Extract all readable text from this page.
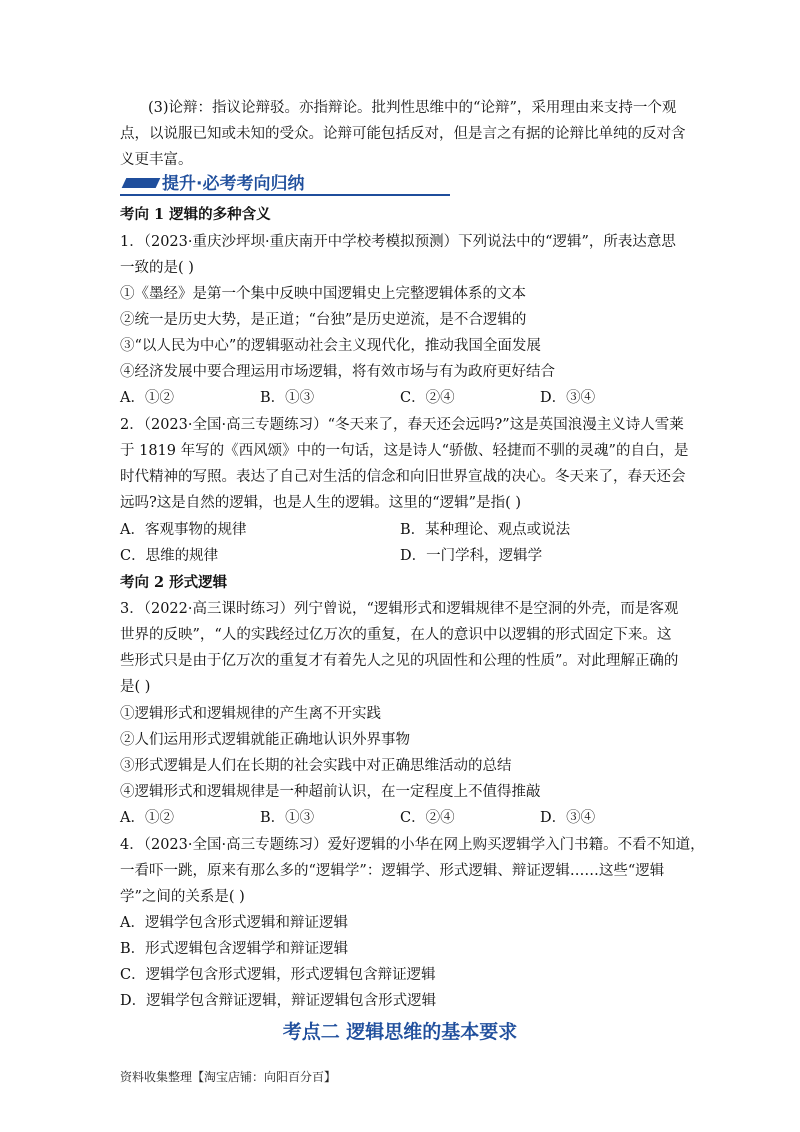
(3)论辩：指议论辩驳。亦指辩论。批判性思维中的“论辩”，采用理由来支持一个观
点，以说服已知或未知的受众。论辩可能包括反对，但是言之有据的论辩比单纯的反对含
义更丰富。
提升·必考考向归纳
考向 1 逻辑的多种含义
1．（2023·重庆沙坪坝·重庆南开中学校考模拟预测）下列说法中的“逻辑”，所表达意思
一致的是( )
①《墨经》是第一个集中反映中国逻辑史上完整逻辑体系的文本
②统一是历史大势，是正道；“台独”是历史逆流，是不合逻辑的
③“以人民为中心”的逻辑驱动社会主义现代化，推动我国全面发展
④经济发展中要合理运用市场逻辑，将有效市场与有为政府更好结合
A．①②	B．①③	C．②④	D．③④
2．（2023·全国·高三专题练习）“冬天来了，春天还会远吗?”这是英国浪漫主义诗人雪莱
于 1819 年写的《西风颂》中的一句话，这是诗人“骄傲、轻捷而不驯的灵魂”的自白，是
时代精神的写照。表达了自己对生活的信念和向旧世界宣战的决心。冬天来了，春天还会
远吗?这是自然的逻辑，也是人生的逻辑。这里的“逻辑”是指( )
A．客观事物的规律	B．某种理论、观点或说法
C．思维的规律	D．一门学科，逻辑学
考向 2 形式逻辑
3．（2022·高三课时练习）列宁曾说，“逻辑形式和逻辑规律不是空洞的外壳，而是客观
世界的反映”，“人的实践经过亿万次的重复，在人的意识中以逻辑的形式固定下来。这
些形式只是由于亿万次的重复才有着先人之见的巩固性和公理的性质”。对此理解正确的
是( )
①逻辑形式和逻辑规律的产生离不开实践
②人们运用形式逻辑就能正确地认识外界事物
③形式逻辑是人们在长期的社会实践中对正确思维活动的总结
④逻辑形式和逻辑规律是一种超前认识，在一定程度上不值得推敲
A．①②	B．①③	C．②④	D．③④
4．（2023·全国·高三专题练习）爱好逻辑的小华在网上购买逻辑学入门书籍。不看不知道，
一看吓一跳，原来有那么多的“逻辑学”：逻辑学、形式逻辑、辩证逻辑……这些“逻辑
学”之间的关系是( )
A．逻辑学包含形式逻辑和辩证逻辑
B．形式逻辑包含逻辑学和辩证逻辑
C．逻辑学包含形式逻辑，形式逻辑包含辩证逻辑
D．逻辑学包含辩证逻辑，辩证逻辑包含形式逻辑
考点二 逻辑思维的基本要求
资料收集整理【淘宝店铺：向阳百分百】
